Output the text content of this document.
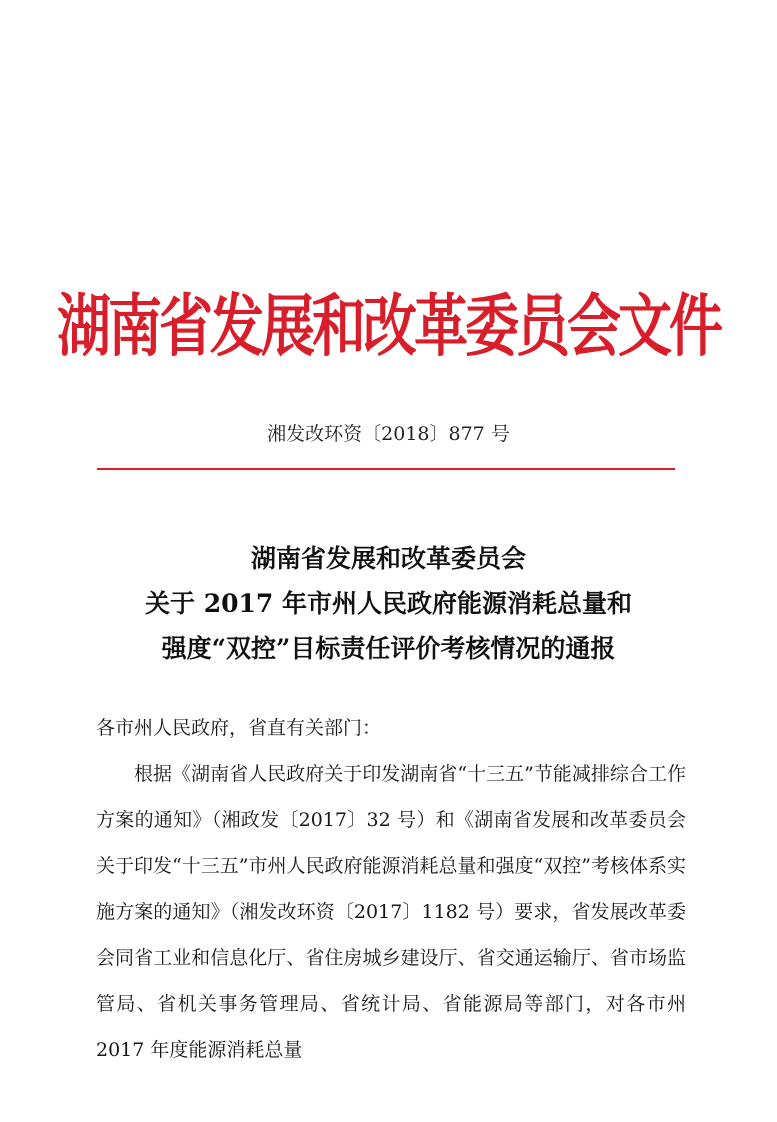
湖南省发展和改革委员会文件
湘发改环资〔2018〕877 号
湖南省发展和改革委员会
关于 2017 年市州人民政府能源消耗总量和
强度“双控”目标责任评价考核情况的通报

各市州人民政府，省直有关部门：

根据《湖南省人民政府关于印发湖南省“十三五”节能减排综合工作方案的通知》（湘政发〔2017〕32 号）和《湖南省发展和改革委员会关于印发“十三五”市州人民政府能源消耗总量和强度“双控”考核体系实施方案的通知》（湘发改环资〔2017〕1182 号）要求，省发展改革委会同省工业和信息化厅、省住房城乡建设厅、省交通运输厅、省市场监管局、省机关事务管理局、省统计局、省能源局等部门，对各市州 2017 年度能源消耗总量
